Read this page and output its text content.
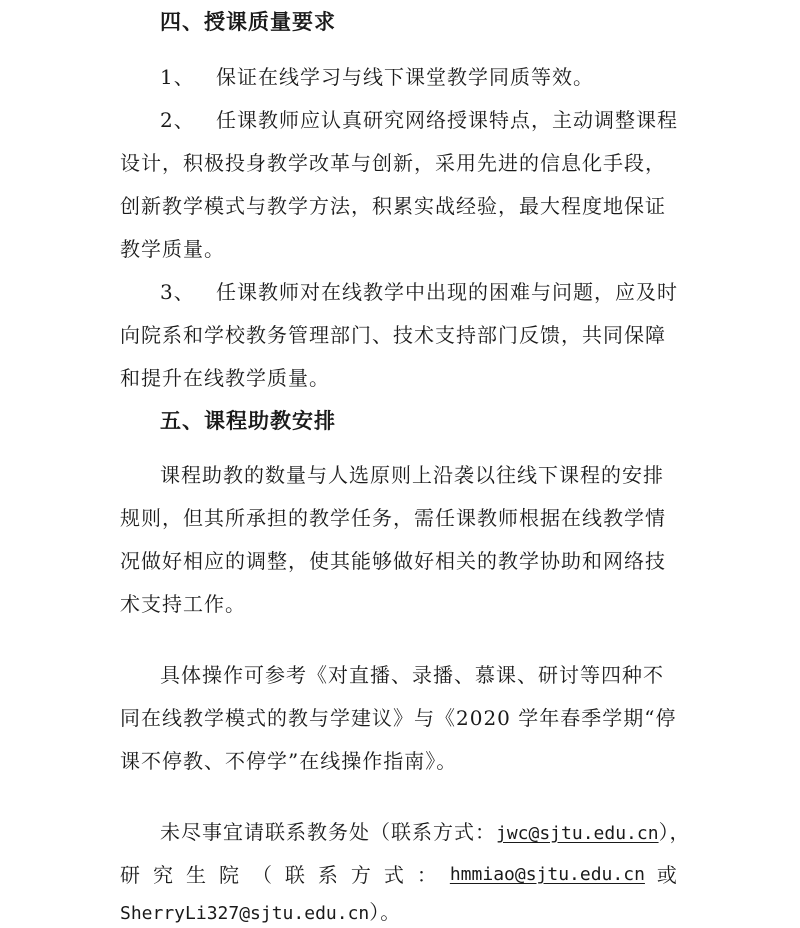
四、授课质量要求
1、 保证在线学习与线下课堂教学同质等效。
2、 任课教师应认真研究网络授课特点，主动调整课程
设计，积极投身教学改革与创新，采用先进的信息化手段，
创新教学模式与教学方法，积累实战经验，最大程度地保证
教学质量。
3、 任课教师对在线教学中出现的困难与问题，应及时
向院系和学校教务管理部门、技术支持部门反馈，共同保障
和提升在线教学质量。
五、课程助教安排
课程助教的数量与人选原则上沿袭以往线下课程的安排
规则，但其所承担的教学任务，需任课教师根据在线教学情
况做好相应的调整，使其能够做好相关的教学协助和网络技
术支持工作。
具体操作可参考《对直播、录播、慕课、研讨等四种不
同在线教学模式的教与学建议》与《2020 学年春季学期“停
课不停教、不停学”在线操作指南》。
未尽事宜请联系教务处（联系方式：jwc@sjtu.edu.cn），
研 究 生 院 （ 联 系 方 式 ： hmmiao@sjtu.edu.cn 或
SherryLi327@sjtu.edu.cn）。
